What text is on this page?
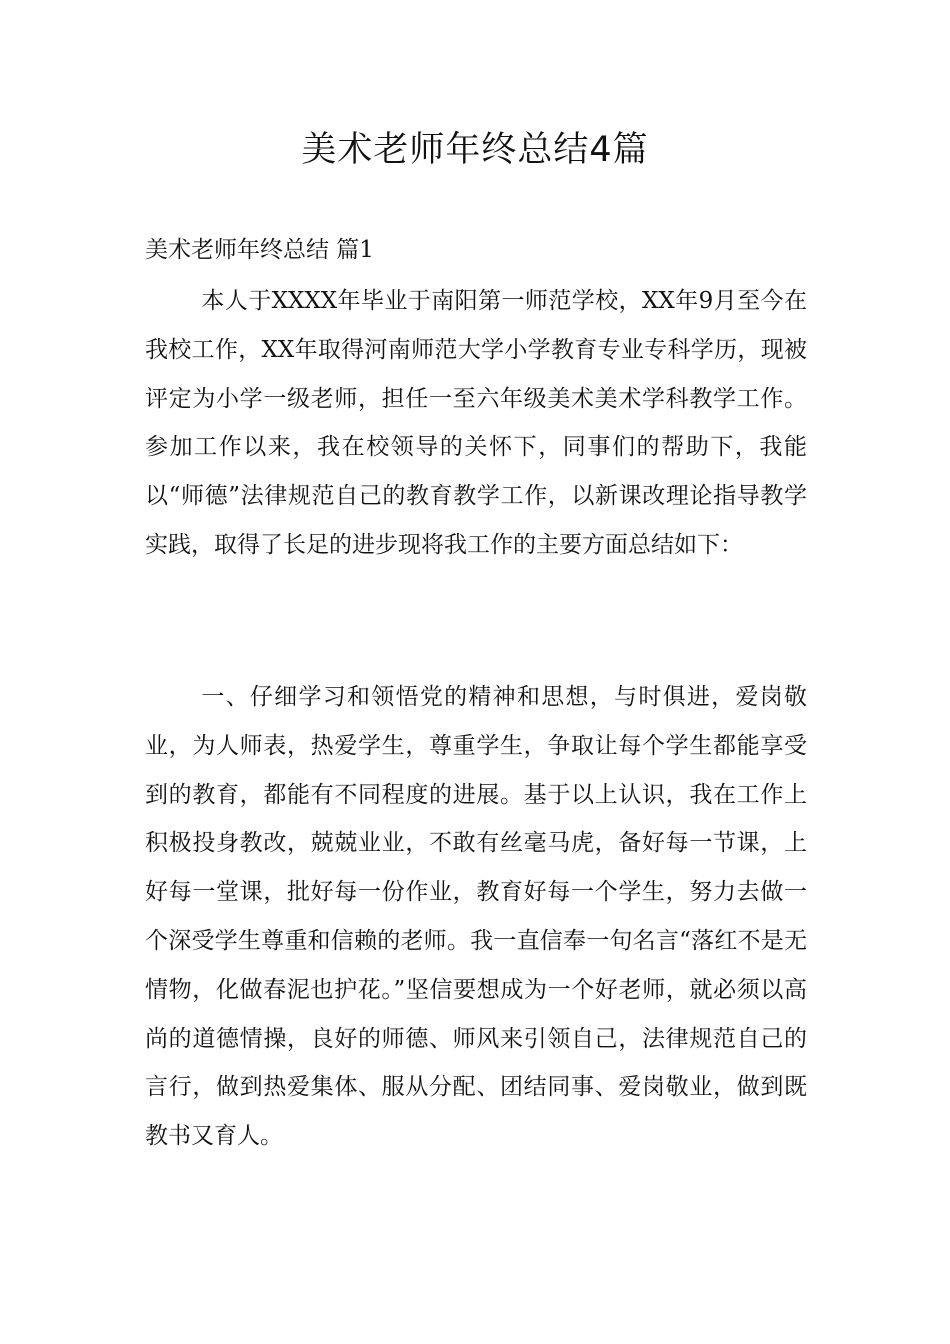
美术老师年终总结4篇
美术老师年终总结 篇1

本人于XXXX年毕业于南阳第一师范学校，XX年9月至今在我校工作，XX年取得河南师范大学小学教育专业专科学历，现被评定为小学一级老师，担任一至六年级美术美术学科教学工作。参加工作以来，我在校领导的关怀下，同事们的帮助下，我能以“师德”法律规范自己的教育教学工作，以新课改理论指导教学实践，取得了长足的进步现将我工作的主要方面总结如下：

一、仔细学习和领悟党的精神和思想，与时俱进，爱岗敬业，为人师表，热爱学生，尊重学生，争取让每个学生都能享受到的教育，都能有不同程度的进展。基于以上认识，我在工作上积极投身教改，兢兢业业，不敢有丝毫马虎，备好每一节课，上好每一堂课，批好每一份作业，教育好每一个学生，努力去做一个深受学生尊重和信赖的老师。我一直信奉一句名言“落红不是无情物，化做春泥也护花。”坚信要想成为一个好老师，就必须以高尚的道德情操，良好的师德、师风来引领自己，法律规范自己的言行，做到热爱集体、服从分配、团结同事、爱岗敬业，做到既教书又育人。
